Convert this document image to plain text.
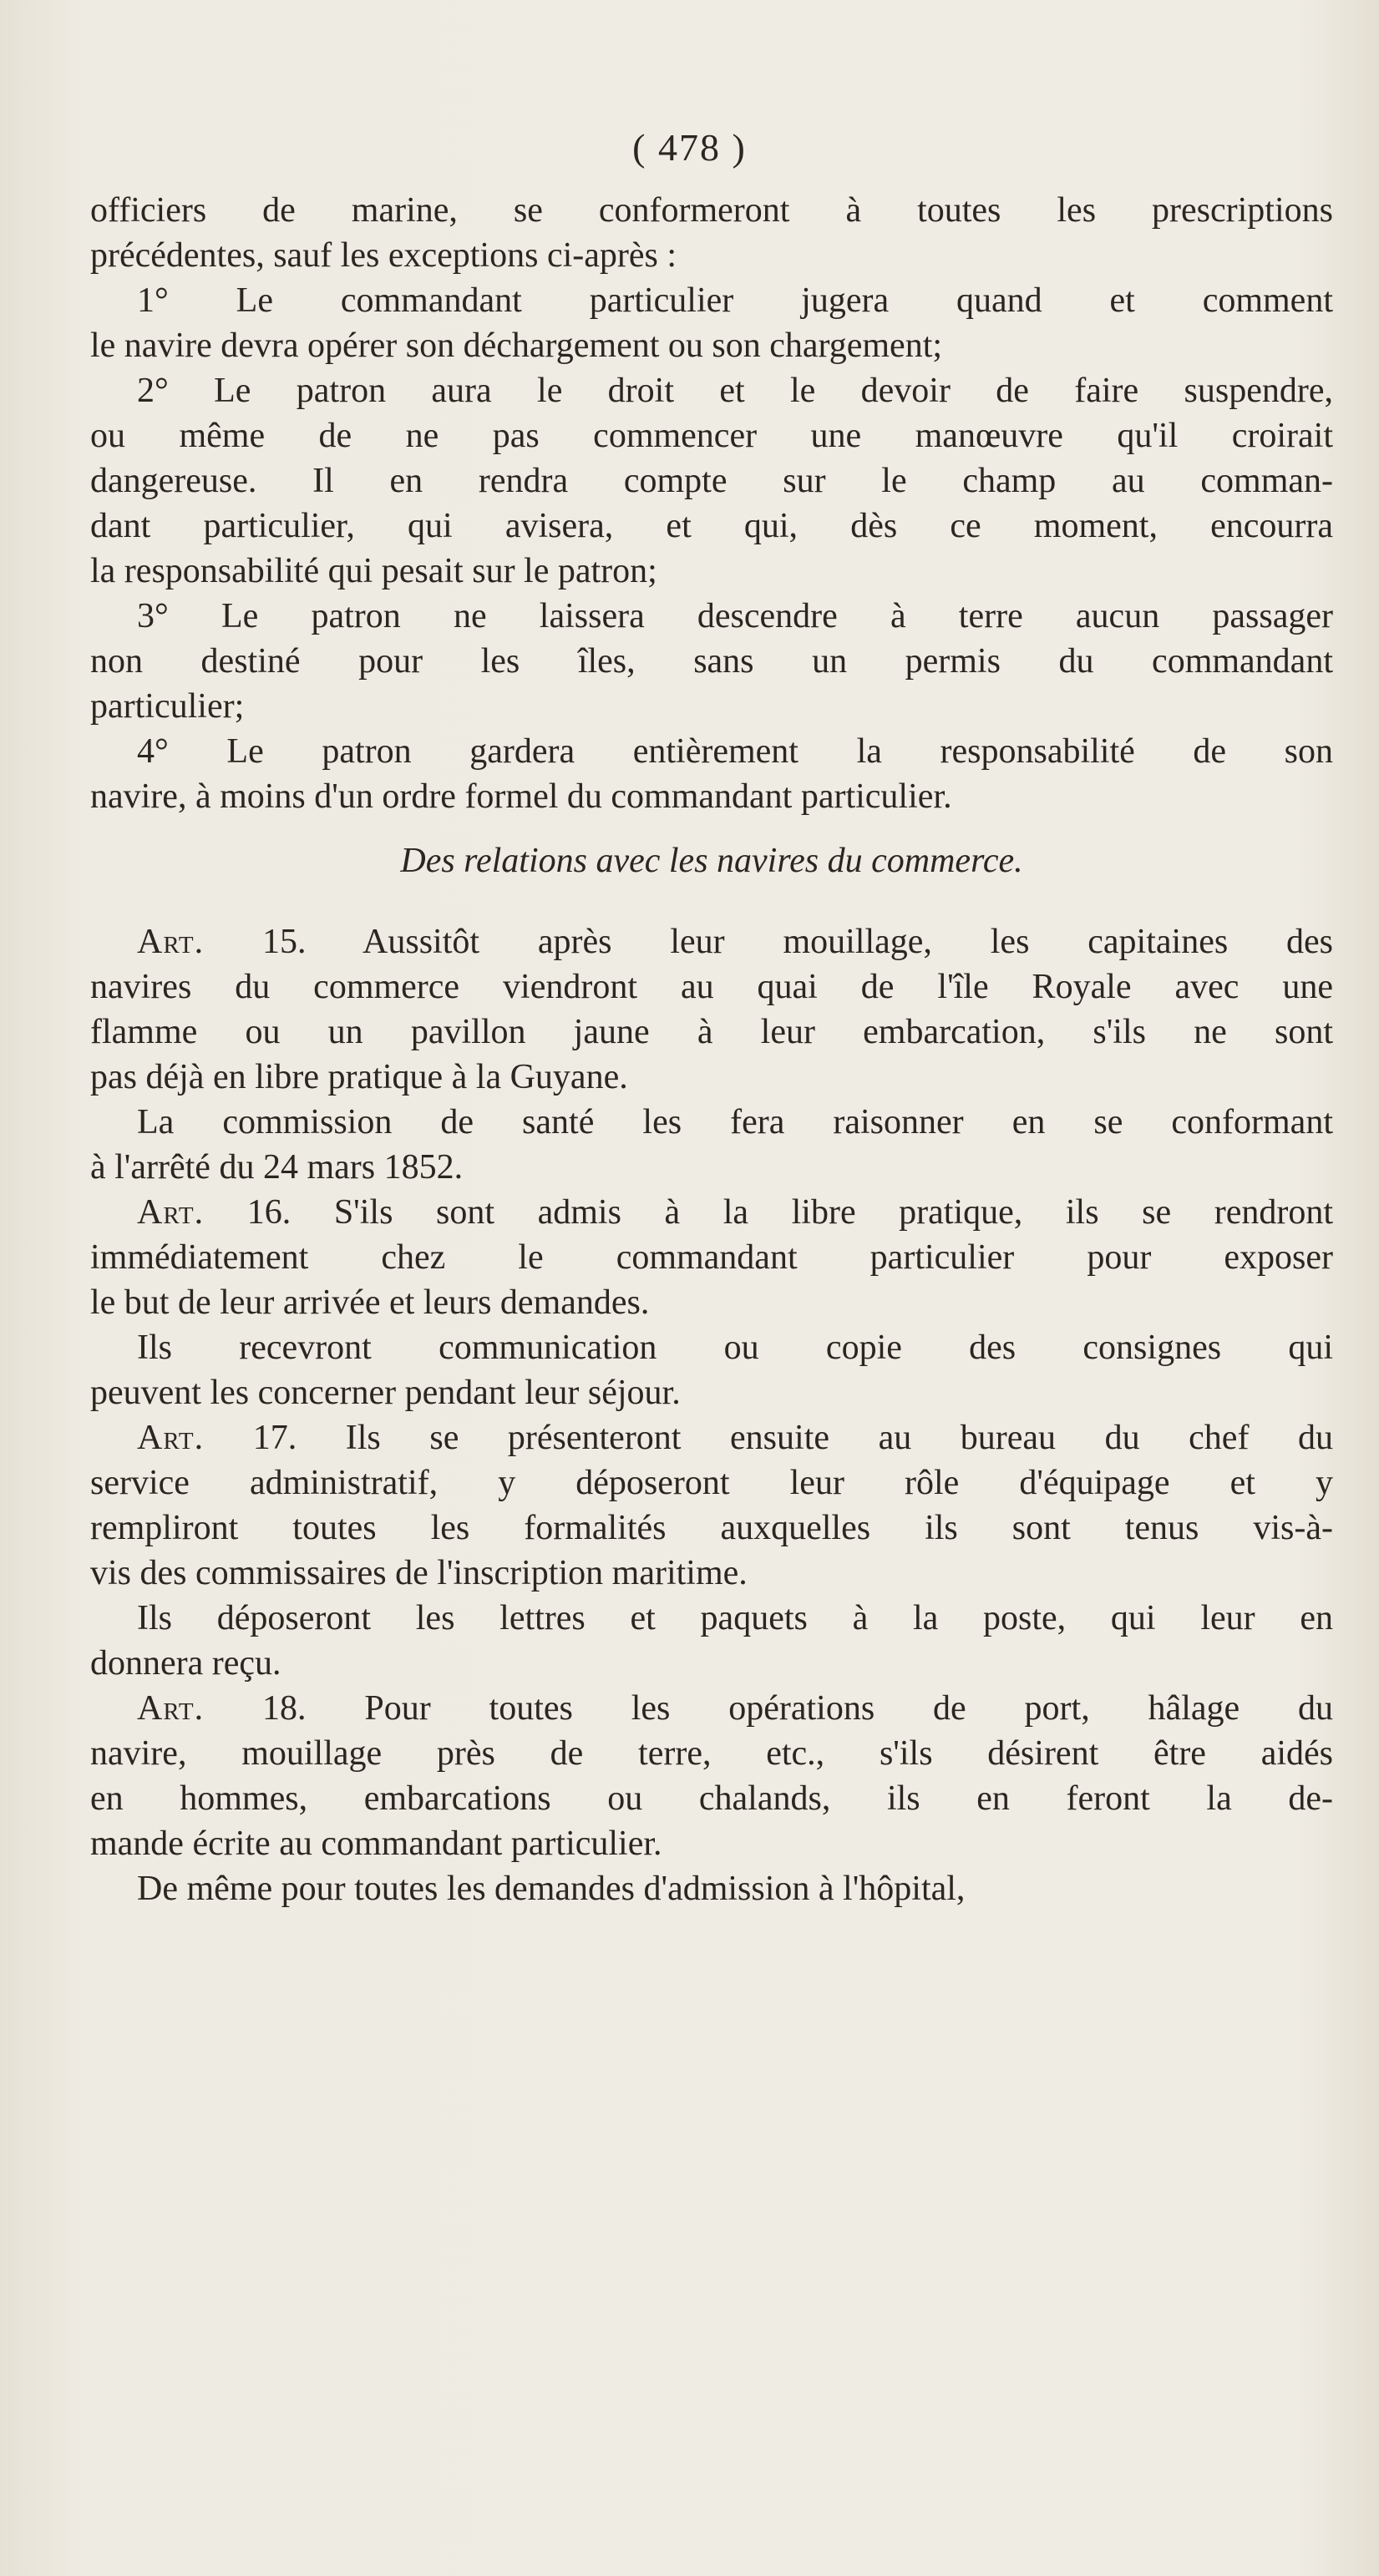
( 478 )
officiers de marine, se conformeront à toutes les prescriptions
précédentes, sauf les exceptions ci-après :
1° Le commandant particulier jugera quand et comment
le navire devra opérer son déchargement ou son chargement;
2° Le patron aura le droit et le devoir de faire suspendre,
ou même de ne pas commencer une manœuvre qu'il croirait
dangereuse. Il en rendra compte sur le champ au comman-
dant particulier, qui avisera, et qui, dès ce moment, encourra
la responsabilité qui pesait sur le patron;
3° Le patron ne laissera descendre à terre aucun passager
non destiné pour les îles, sans un permis du commandant
particulier;
4° Le patron gardera entièrement la responsabilité de son
navire, à moins d'un ordre formel du commandant particulier.
Des relations avec les navires du commerce.
Art. 15. Aussitôt après leur mouillage, les capitaines des
navires du commerce viendront au quai de l'île Royale avec une
flamme ou un pavillon jaune à leur embarcation, s'ils ne sont
pas déjà en libre pratique à la Guyane.
La commission de santé les fera raisonner en se conformant
à l'arrêté du 24 mars 1852.
Art. 16. S'ils sont admis à la libre pratique, ils se rendront
immédiatement chez le commandant particulier pour exposer
le but de leur arrivée et leurs demandes.
Ils recevront communication ou copie des consignes qui
peuvent les concerner pendant leur séjour.
Art. 17. Ils se présenteront ensuite au bureau du chef du
service administratif, y déposeront leur rôle d'équipage et y
rempliront toutes les formalités auxquelles ils sont tenus vis-à-
vis des commissaires de l'inscription maritime.
Ils déposeront les lettres et paquets à la poste, qui leur en
donnera reçu.
Art. 18. Pour toutes les opérations de port, hâlage du
navire, mouillage près de terre, etc., s'ils désirent être aidés
en hommes, embarcations ou chalands, ils en feront la de-
mande écrite au commandant particulier.
De même pour toutes les demandes d'admission à l'hôpital,
